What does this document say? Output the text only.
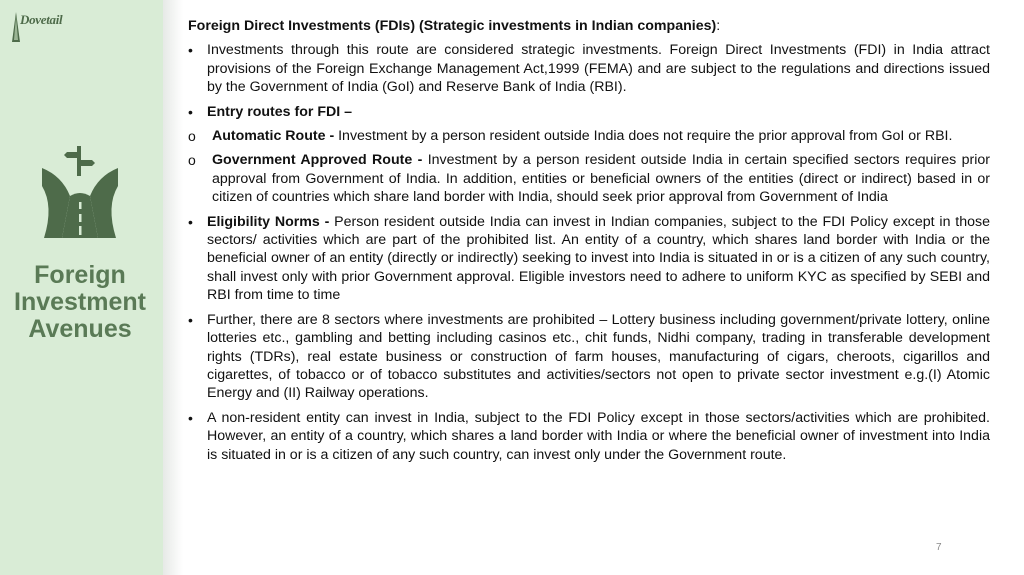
Dovetail
Foreign
Investment
Avenues
Foreign Direct Investments (FDIs) (Strategic investments in Indian companies):
• Investments through this route are considered strategic investments. Foreign Direct Investments (FDI) in India attract provisions of the Foreign Exchange Management Act,1999 (FEMA) and are subject to the regulations and directions issued by the Government of India (GoI) and Reserve Bank of India (RBI).
• Entry routes for FDI –
o Automatic Route - Investment by a person resident outside India does not require the prior approval from GoI or RBI.
o Government Approved Route - Investment by a person resident outside India in certain specified sectors requires prior approval from Government of India. In addition, entities or beneficial owners of the entities (direct or indirect) based in or citizen of countries which share land border with India, should seek prior approval from Government of India
• Eligibility Norms - Person resident outside India can invest in Indian companies, subject to the FDI Policy except in those sectors/ activities which are part of the prohibited list. An entity of a country, which shares land border with India or the beneficial owner of an entity (directly or indirectly) seeking to invest into India is situated in or is a citizen of any such country, shall invest only with prior Government approval. Eligible investors need to adhere to uniform KYC as specified by SEBI and RBI from time to time
• Further, there are 8 sectors where investments are prohibited – Lottery business including government/private lottery, online lotteries etc., gambling and betting including casinos etc., chit funds, Nidhi company, trading in transferable development rights (TDRs), real estate business or construction of farm houses, manufacturing of cigars, cheroots, cigarillos and cigarettes, of tobacco or of tobacco substitutes and activities/sectors not open to private sector investment e.g.(I) Atomic Energy and (II) Railway operations.
• A non-resident entity can invest in India, subject to the FDI Policy except in those sectors/activities which are prohibited. However, an entity of a country, which shares a land border with India or where the beneficial owner of investment into India is situated in or is a citizen of any such country, can invest only under the Government route.
7
